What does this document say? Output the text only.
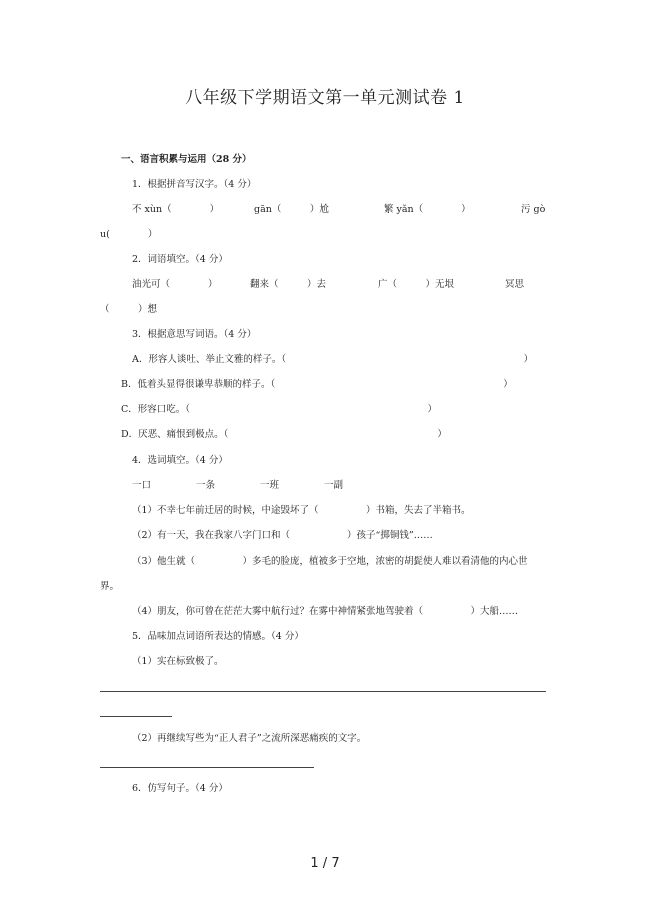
八年级下学期语文第一单元测试卷 1
一、语言积累与运用（28 分）
1．根据拼音写汉字。（4 分）
不 xùn（　　　　）	gān（　　　）尬	繁 yǎn（　　　　）	污 gò
u(　　　　）
2．词语填空。（4 分）
油光可（　　　　）	翻来（　　　）去	广（　　　）无垠	冥思
（　　　）想
3．根据意思写词语。（4 分）
A．形容人谈吐、举止文雅的样子。（　　　　　　　　　　　　　　　　　　　　　　　　　）
B．低着头显得很谦卑恭顺的样子。（　　　　　　　　　　　　　　　　　　　　　　　　）
C．形容口吃。（　　　　　　　　　　　　　　　　　　　　　　　　　）
D．厌恶、痛恨到极点。（　　　　　　　　　　　　　　　　　　　　　　）
4．选词填空。（4 分）
一口	一条	一班	一副
（1）不幸七年前迁居的时候，中途毁坏了（　　　　　）书箱，失去了半箱书。
（2）有一天，我在我家八字门口和（　　　　　　）孩子“掷铜钱”……
（3）他生就（　　　　　）多毛的脸庞，植被多于空地，浓密的胡髭使人难以看清他的内心世
界。
（4）朋友，你可曾在茫茫大雾中航行过？在雾中神情紧张地驾驶着（　　　　　）大船……
5．品味加点词语所表达的情感。（4 分）
（1）实在标致极了。
（2）再继续写些为“正人君子”之流所深恶痛疾的文字。
6．仿写句子。（4 分）
1 / 7
